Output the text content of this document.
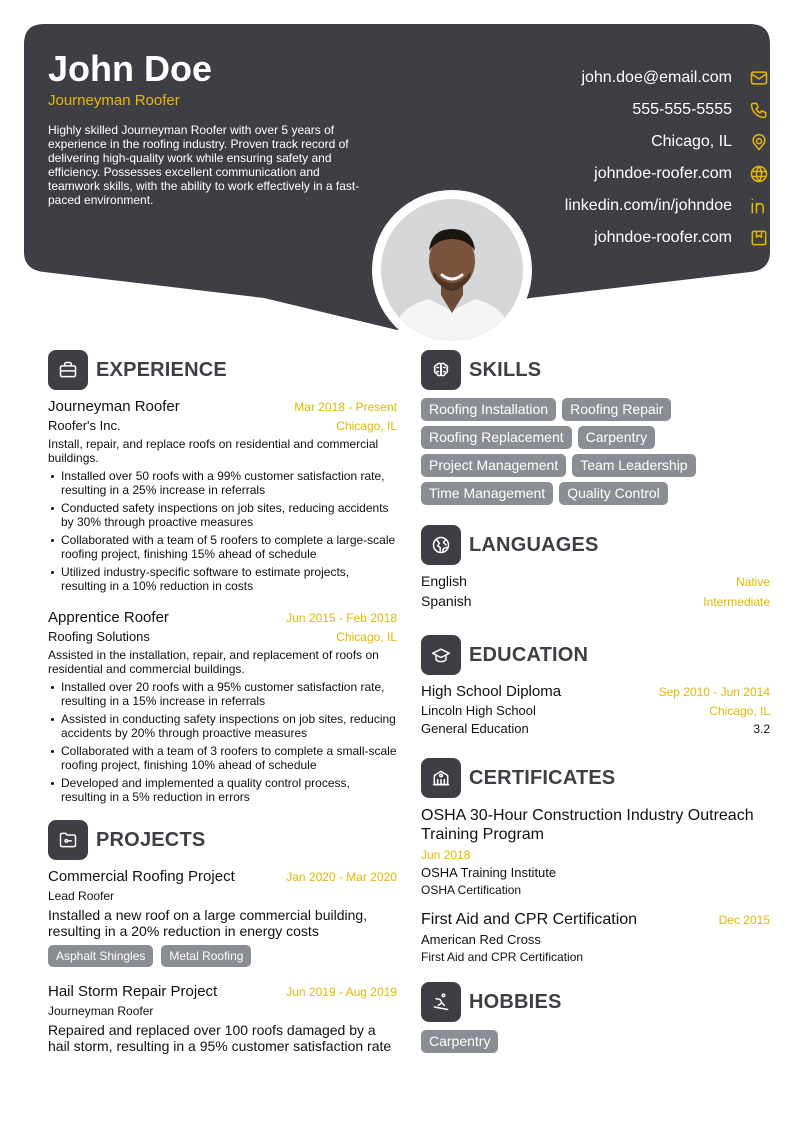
John Doe
Journeyman Roofer
Highly skilled Journeyman Roofer with over 5 years of experience in the roofing industry. Proven track record of delivering high-quality work while ensuring safety and efficiency. Possesses excellent communication and teamwork skills, with the ability to work effectively in a fast-paced environment.
john.doe@email.com
555-555-5555
Chicago, IL
johndoe-roofer.com
linkedin.com/in/johndoe
johndoe-roofer.com
EXPERIENCE
Journeyman Roofer	Mar 2018 - Present
Roofer's Inc.	Chicago, IL
Install, repair, and replace roofs on residential and commercial buildings.
Installed over 50 roofs with a 99% customer satisfaction rate, resulting in a 25% increase in referrals
Conducted safety inspections on job sites, reducing accidents by 30% through proactive measures
Collaborated with a team of 5 roofers to complete a large-scale roofing project, finishing 15% ahead of schedule
Utilized industry-specific software to estimate projects, resulting in a 10% reduction in costs
Apprentice Roofer	Jun 2015 - Feb 2018
Roofing Solutions	Chicago, IL
Assisted in the installation, repair, and replacement of roofs on residential and commercial buildings.
Installed over 20 roofs with a 95% customer satisfaction rate, resulting in a 15% increase in referrals
Assisted in conducting safety inspections on job sites, reducing accidents by 20% through proactive measures
Collaborated with a team of 3 roofers to complete a small-scale roofing project, finishing 10% ahead of schedule
Developed and implemented a quality control process, resulting in a 5% reduction in errors
PROJECTS
Commercial Roofing Project	Jan 2020 - Mar 2020
Lead Roofer
Installed a new roof on a large commercial building, resulting in a 20% reduction in energy costs
Asphalt Shingles	Metal Roofing
Hail Storm Repair Project	Jun 2019 - Aug 2019
Journeyman Roofer
Repaired and replaced over 100 roofs damaged by a hail storm, resulting in a 95% customer satisfaction rate
SKILLS
Roofing Installation	Roofing Repair
Roofing Replacement	Carpentry
Project Management	Team Leadership
Time Management	Quality Control
LANGUAGES
English	Native
Spanish	Intermediate
EDUCATION
High School Diploma	Sep 2010 - Jun 2014
Lincoln High School	Chicago, IL
General Education	3.2
CERTIFICATES
OSHA 30-Hour Construction Industry Outreach Training Program
Jun 2018
OSHA Training Institute
OSHA Certification
First Aid and CPR Certification	Dec 2015
American Red Cross
First Aid and CPR Certification
HOBBIES
Carpentry
